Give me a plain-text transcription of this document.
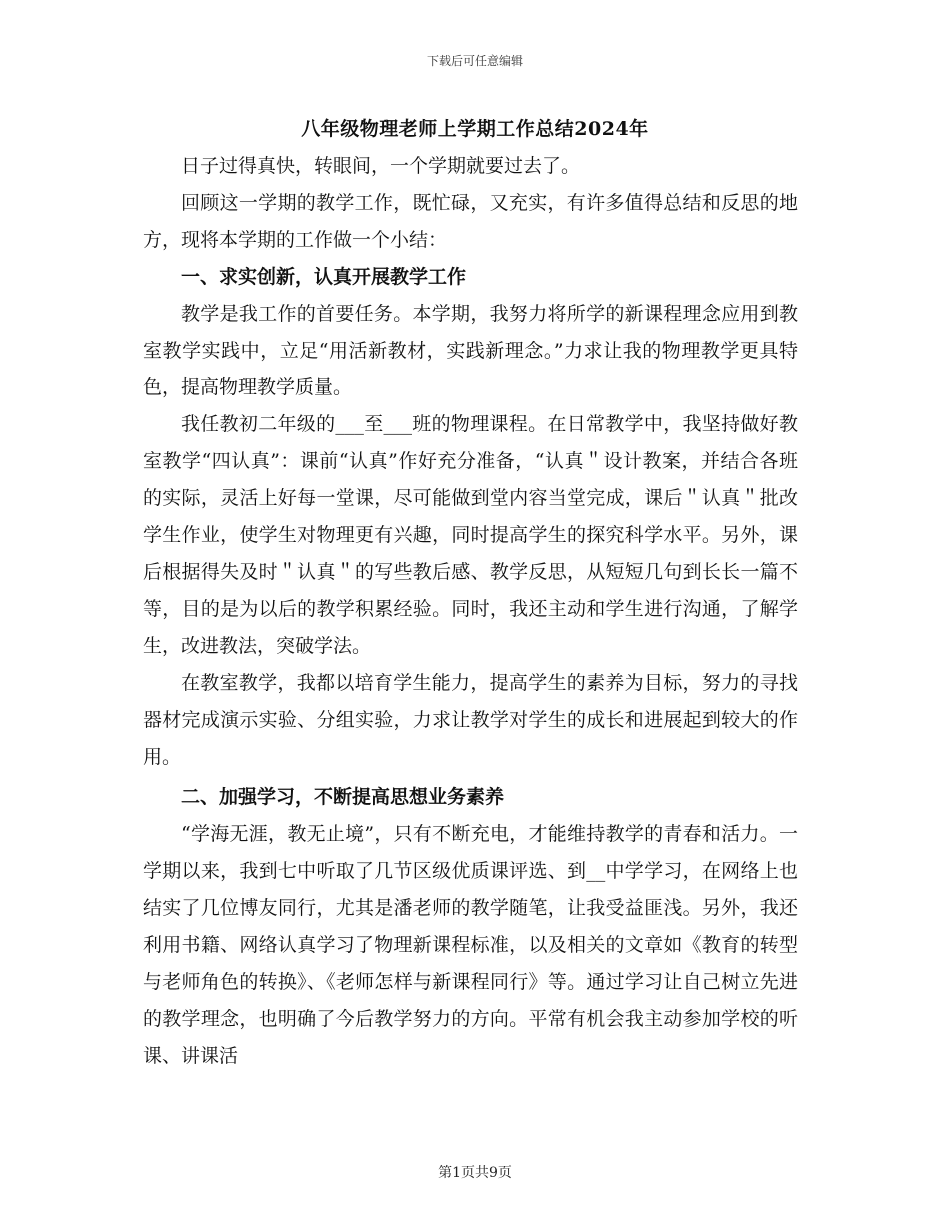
下载后可任意编辑
八年级物理老师上学期工作总结2024年

日子过得真快，转眼间，一个学期就要过去了。

回顾这一学期的教学工作，既忙碌，又充实，有许多值得总结和反思的地方，现将本学期的工作做一个小结：

一、求实创新，认真开展教学工作

教学是我工作的首要任务。本学期，我努力将所学的新课程理念应用到教室教学实践中，立足“用活新教材，实践新理念。”力求让我的物理教学更具特色，提高物理教学质量。

我任教初二年级的___至___班的物理课程。在日常教学中，我坚持做好教室教学“四认真”：课前“认真”作好充分准备，“认真＂设计教案，并结合各班的实际，灵活上好每一堂课，尽可能做到堂内容当堂完成，课后＂认真＂批改学生作业，使学生对物理更有兴趣，同时提高学生的探究科学水平。另外，课后根据得失及时＂认真＂的写些教后感、教学反思，从短短几句到长长一篇不等，目的是为以后的教学积累经验。同时，我还主动和学生进行沟通，了解学生，改进教法，突破学法。

在教室教学，我都以培育学生能力，提高学生的素养为目标，努力的寻找器材完成演示实验、分组实验，力求让教学对学生的成长和进展起到较大的作用。

二、加强学习，不断提高思想业务素养

“学海无涯，教无止境”，只有不断充电，才能维持教学的青春和活力。一学期以来，我到七中听取了几节区级优质课评选、到__中学学习，在网络上也结实了几位博友同行，尤其是潘老师的教学随笔，让我受益匪浅。另外，我还利用书籍、网络认真学习了物理新课程标准，以及相关的文章如《教育的转型与老师角色的转换》、《老师怎样与新课程同行》等。通过学习让自己树立先进的教学理念，也明确了今后教学努力的方向。平常有机会我主动参加学校的听课、讲课活

第1页共9页
